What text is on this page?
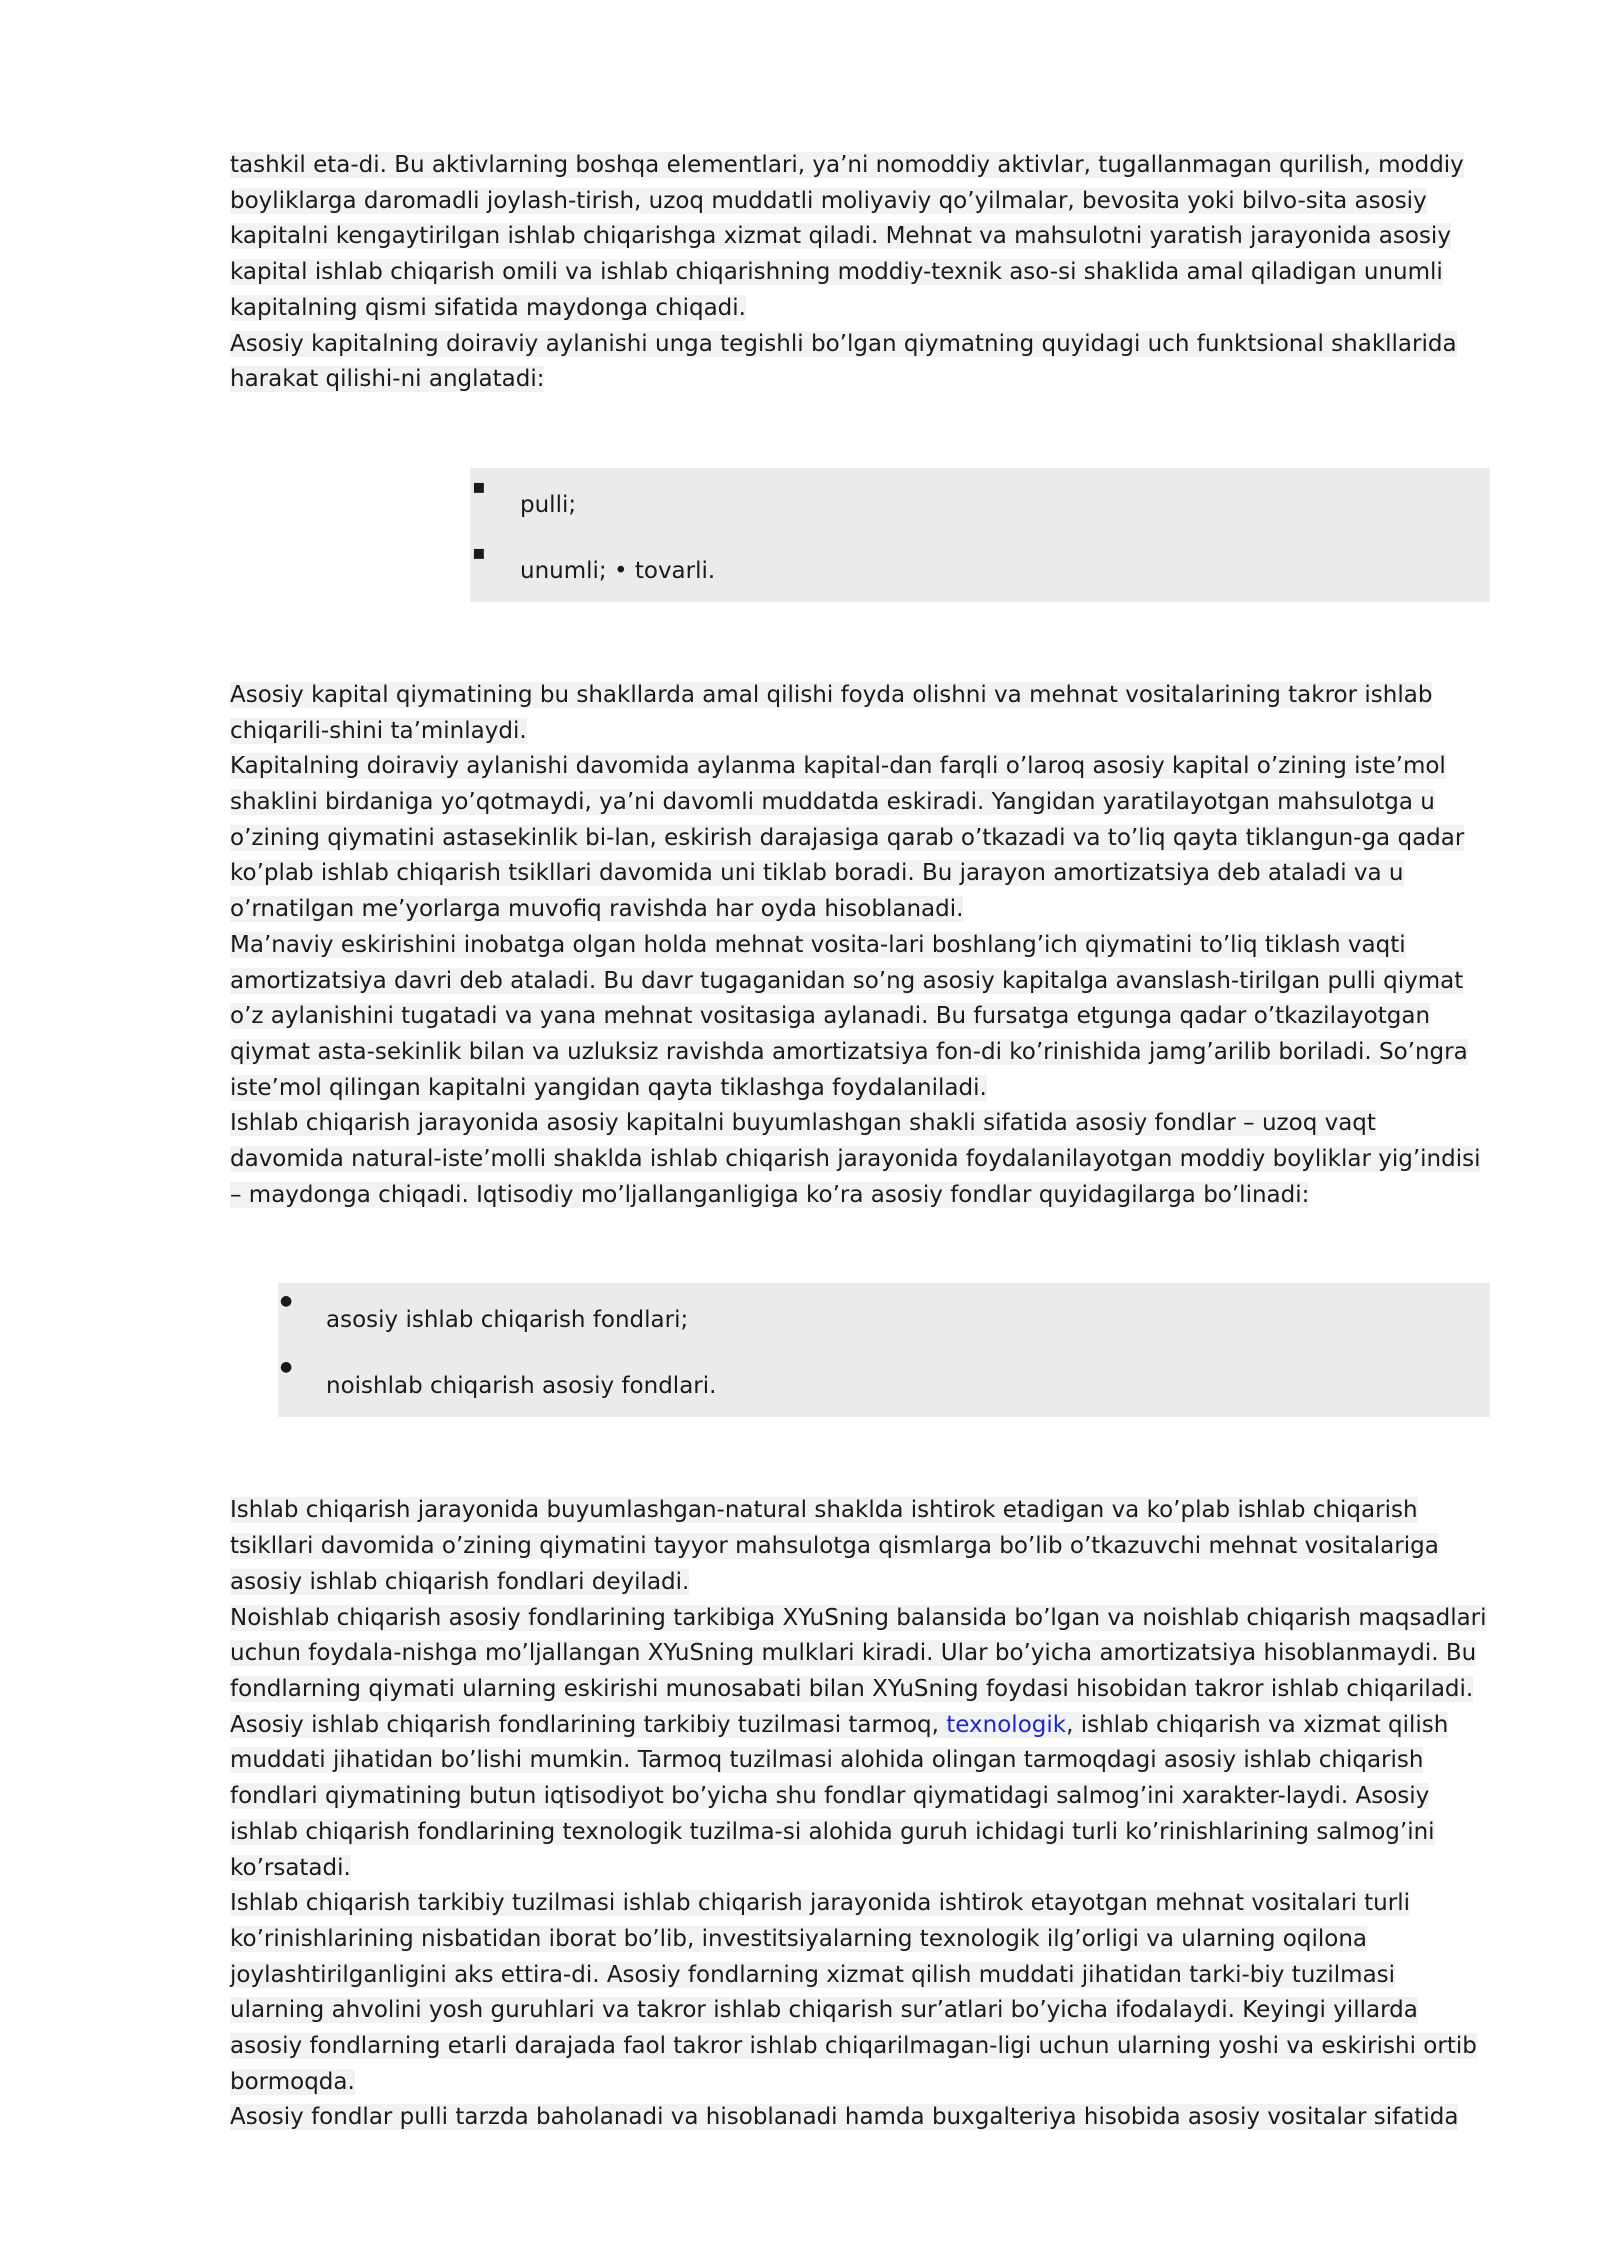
tashkil eta-di. Bu aktivlarning boshqa elementlari, ya’ni nomoddiy aktivlar, tugallanmagan qurilish, moddiy boyliklarga daromadli joylash-tirish, uzoq muddatli moliyaviy qo’yilmalar, bevosita yoki bilvo-sita asosiy kapitalni kengaytirilgan ishlab chiqarishga xizmat qiladi. Mehnat va mahsulotni yaratish jarayonida asosiy kapital ishlab chiqarish omili va ishlab chiqarishning moddiy-texnik aso-si shaklida amal qiladigan unumli kapitalning qismi sifatida maydonga chiqadi.

Asosiy kapitalning doiraviy aylanishi unga tegishli bo’lgan qiymatning quyidagi uch funktsional shakllarida harakat qilishi-ni anglatadi:

▪
pulli;
▪
unumli; • tovarli.

Asosiy kapital qiymatining bu shakllarda amal qilishi foyda olishni va mehnat vositalarining takror ishlab chiqarili-shini ta’minlaydi.

Kapitalning doiraviy aylanishi davomida aylanma kapital-dan farqli o’laroq asosiy kapital o’zining iste’mol shaklini birdaniga yo’qotmaydi, ya’ni davomli muddatda eskiradi. Yangidan yaratilayotgan mahsulotga u o’zining qiymatini astasekinlik bi-lan, eskirish darajasiga qarab o’tkazadi va to’liq qayta tiklangun-ga qadar ko’plab ishlab chiqarish tsikllari davomida uni tiklab boradi. Bu jarayon amortizatsiya deb ataladi va u o’rnatilgan me’yorlarga muvofiq ravishda har oyda hisoblanadi.

Ma’naviy eskirishini inobatga olgan holda mehnat vosita-lari boshlang’ich qiymatini to’liq tiklash vaqti amortizatsiya davri deb ataladi. Bu davr tugaganidan so’ng asosiy kapitalga avanslash-tirilgan pulli qiymat o’z aylanishini tugatadi va yana mehnat vositasiga aylanadi. Bu fursatga etgunga qadar o’tkazilayotgan qiymat asta-sekinlik bilan va uzluksiz ravishda amortizatsiya fon-di ko’rinishida jamg’arilib boriladi. So’ngra iste’mol qilingan kapitalni yangidan qayta tiklashga foydalaniladi.

Ishlab chiqarish jarayonida asosiy kapitalni buyumlashgan shakli sifatida asosiy fondlar – uzoq vaqt davomida natural-iste’molli shaklda ishlab chiqarish jarayonida foydalanilayotgan moddiy boyliklar yig’indisi – maydonga chiqadi. Iqtisodiy mo’ljallanganligiga ko’ra asosiy fondlar quyidagilarga bo’linadi:

●
asosiy ishlab chiqarish fondlari;
●
noishlab chiqarish asosiy fondlari.

Ishlab chiqarish jarayonida buyumlashgan-natural shaklda ishtirok etadigan va ko’plab ishlab chiqarish tsikllari davomida o’zining qiymatini tayyor mahsulotga qismlarga bo’lib o’tkazuvchi mehnat vositalariga asosiy ishlab chiqarish fondlari deyiladi.

Noishlab chiqarish asosiy fondlarining tarkibiga XYuSning balansida bo’lgan va noishlab chiqarish maqsadlari uchun foydala-nishga mo’ljallangan XYuSning mulklari kiradi. Ular bo’yicha amortizatsiya hisoblanmaydi. Bu fondlarning qiymati ularning eskirishi munosabati bilan XYuSning foydasi hisobidan takror ishlab chiqariladi.

Asosiy ishlab chiqarish fondlarining tarkibiy tuzilmasi tarmoq, texnologik, ishlab chiqarish va xizmat qilish muddati jihatidan bo’lishi mumkin. Tarmoq tuzilmasi alohida olingan tarmoqdagi asosiy ishlab chiqarish fondlari qiymatining butun iqtisodiyot bo’yicha shu fondlar qiymatidagi salmog’ini xarakter-laydi. Asosiy ishlab chiqarish fondlarining texnologik tuzilma-si alohida guruh ichidagi turli ko’rinishlarining salmog’ini ko’rsatadi.

Ishlab chiqarish tarkibiy tuzilmasi ishlab chiqarish jarayonida ishtirok etayotgan mehnat vositalari turli ko’rinishlarining nisbatidan iborat bo’lib, investitsiyalarning texnologik ilg’orligi va ularning oqilona joylashtirilganligini aks ettira-di. Asosiy fondlarning xizmat qilish muddati jihatidan tarki-biy tuzilmasi ularning ahvolini yosh guruhlari va takror ishlab chiqarish sur’atlari bo’yicha ifodalaydi. Keyingi yillarda asosiy fondlarning etarli darajada faol takror ishlab chiqarilmagan-ligi uchun ularning yoshi va eskirishi ortib bormoqda.

Asosiy fondlar pulli tarzda baholanadi va hisoblanadi hamda buxgalteriya hisobida asosiy vositalar sifatida
